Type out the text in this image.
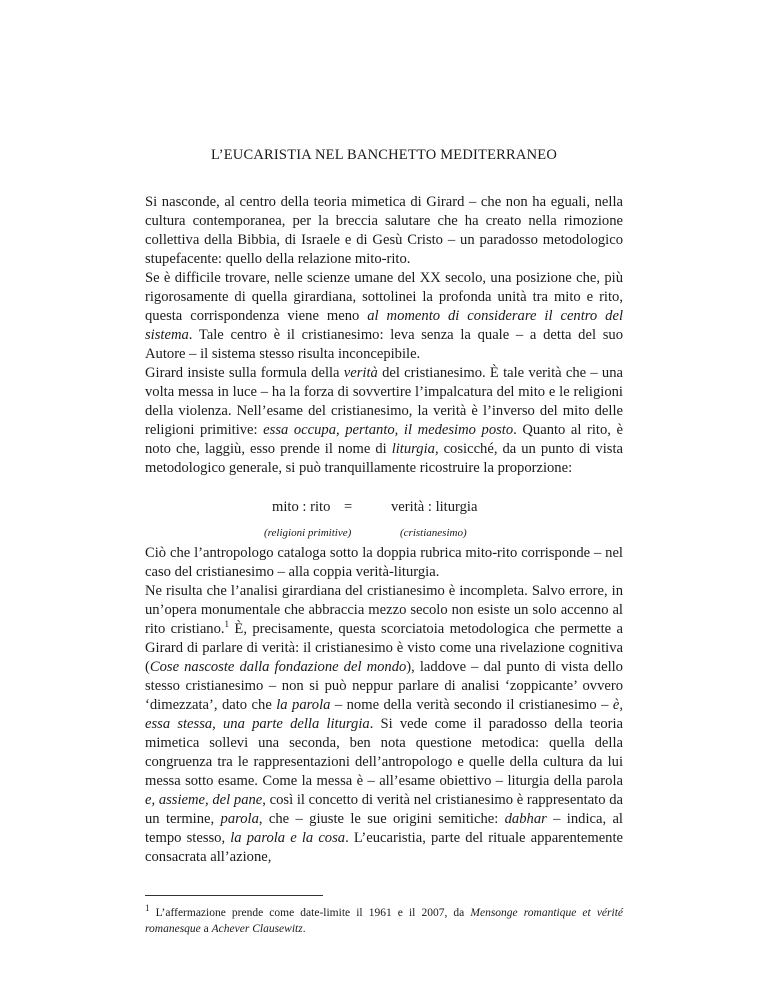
L’EUCARISTIA NEL BANCHETTO MEDITERRANEO

Si nasconde, al centro della teoria mimetica di Girard – che non ha eguali, nella cultura contemporanea, per la breccia salutare che ha creato nella rimozione collettiva della Bibbia, di Israele e di Gesù Cristo – un paradosso metodologico stupefacente: quello della relazione mito-rito.

Se è difficile trovare, nelle scienze umane del XX secolo, una posizione che, più rigorosamente di quella girardiana, sottolinei la profonda unità tra mito e rito, questa corrispondenza viene meno al momento di considerare il centro del sistema. Tale centro è il cristianesimo: leva senza la quale – a detta del suo Autore – il sistema stesso risulta inconcepibile.

Girard insiste sulla formula della verità del cristianesimo. È tale verità che – una volta messa in luce – ha la forza di sovvertire l’impalcatura del mito e le religioni della violenza. Nell’esame del cristianesimo, la verità è l’inverso del mito delle religioni primitive: essa occupa, pertanto, il medesimo posto. Quanto al rito, è noto che, laggiù, esso prende il nome di liturgia, cosicché, da un punto di vista metodologico generale, si può tranquillamente ricostruire la proporzione:

mito : rito =	verità : liturgia
(religioni primitive)	(cristianesimo)

Ciò che l’antropologo cataloga sotto la doppia rubrica mito-rito corrisponde – nel caso del cristianesimo – alla coppia verità-liturgia.

Ne risulta che l’analisi girardiana del cristianesimo è incompleta. Salvo errore, in un’opera monumentale che abbraccia mezzo secolo non esiste un solo accenno al rito cristiano.$^1$ È, precisamente, questa scorciatoia metodologica che permette a Girard di parlare di verità: il cristianesimo è visto come una rivelazione cognitiva (Cose nascoste dalla fondazione del mondo), laddove – dal punto di vista dello stesso cristianesimo – non si può neppur parlare di analisi ‘zoppicante’ ovvero ‘dimezzata’, dato che la parola – nome della verità secondo il cristianesimo – è, essa stessa, una parte della liturgia. Si vede come il paradosso della teoria mimetica sollevi una seconda, ben nota questione metodica: quella della congruenza tra le rappresentazioni dell’antropologo e quelle della cultura da lui messa sotto esame. Come la messa è – all’esame obiettivo – liturgia della parola e, assieme, del pane, così il concetto di verità nel cristianesimo è rappresentato da un termine, parola, che – giuste le sue origini semitiche: dabhar – indica, al tempo stesso, la parola e la cosa. L’eucaristia, parte del rituale apparentemente consacrata all’azione,

$^1$ L’affermazione prende come date-limite il 1961 e il 2007, da Mensonge romantique et vérité romanesque a Achever Clausewitz.
